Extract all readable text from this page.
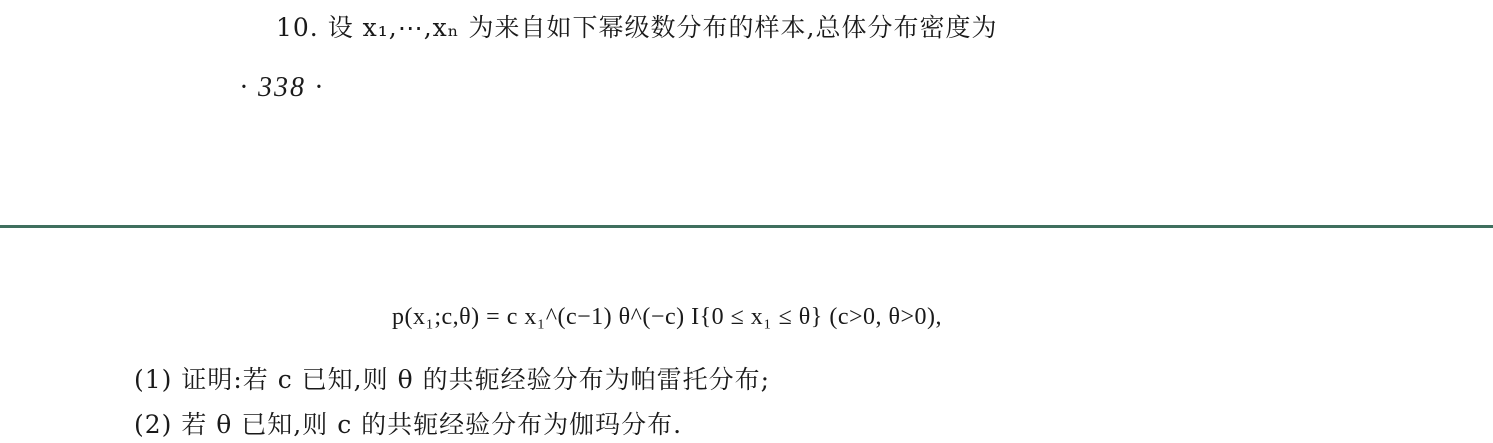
10. 设 x₁,⋯,xₙ 为来自如下幂级数分布的样本,总体分布密度为
· 338 ·
p(x₁;c,θ) = c x₁^(c−1) θ^(−c) I{0 ≤ x₁ ≤ θ} (c>0, θ>0),
(1) 证明:若 c 已知,则 θ 的共轭经验分布为帕雷托分布;
(2) 若 θ 已知,则 c 的共轭经验分布为伽玛分布.
